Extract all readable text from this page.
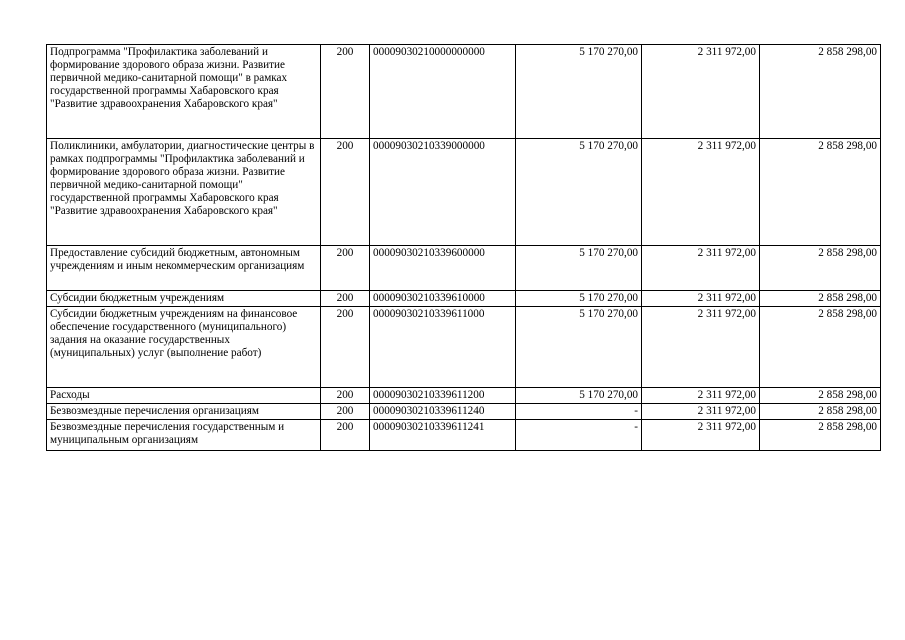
Подпрограмма "Профилактика заболеваний и формирование здорового образа жизни. Развитие первичной медико-санитарной помощи" в рамках государственной программы Хабаровского края "Развитие здравоохранения Хабаровского края"	200	00009030210000000000	5 170 270,00	2 311 972,00	2 858 298,00
Поликлиники, амбулатории, диагностические центры в рамках подпрограммы "Профилактика заболеваний и формирование здорового образа жизни. Развитие первичной медико-санитарной помощи" государственной программы Хабаровского края "Развитие здравоохранения Хабаровского края"	200	00009030210339000000	5 170 270,00	2 311 972,00	2 858 298,00
Предоставление субсидий бюджетным, автономным учреждениям и иным некоммерческим организациям	200	00009030210339600000	5 170 270,00	2 311 972,00	2 858 298,00
Субсидии бюджетным учреждениям	200	00009030210339610000	5 170 270,00	2 311 972,00	2 858 298,00
Субсидии бюджетным учреждениям на финансовое обеспечение государственного (муниципального) задания на оказание государственных (муниципальных) услуг (выполнение работ)	200	00009030210339611000	5 170 270,00	2 311 972,00	2 858 298,00
Расходы	200	00009030210339611200	5 170 270,00	2 311 972,00	2 858 298,00
Безвозмездные перечисления организациям	200	00009030210339611240	-	2 311 972,00	2 858 298,00
Безвозмездные перечисления государственным и муниципальным организациям	200	00009030210339611241	-	2 311 972,00	2 858 298,00
